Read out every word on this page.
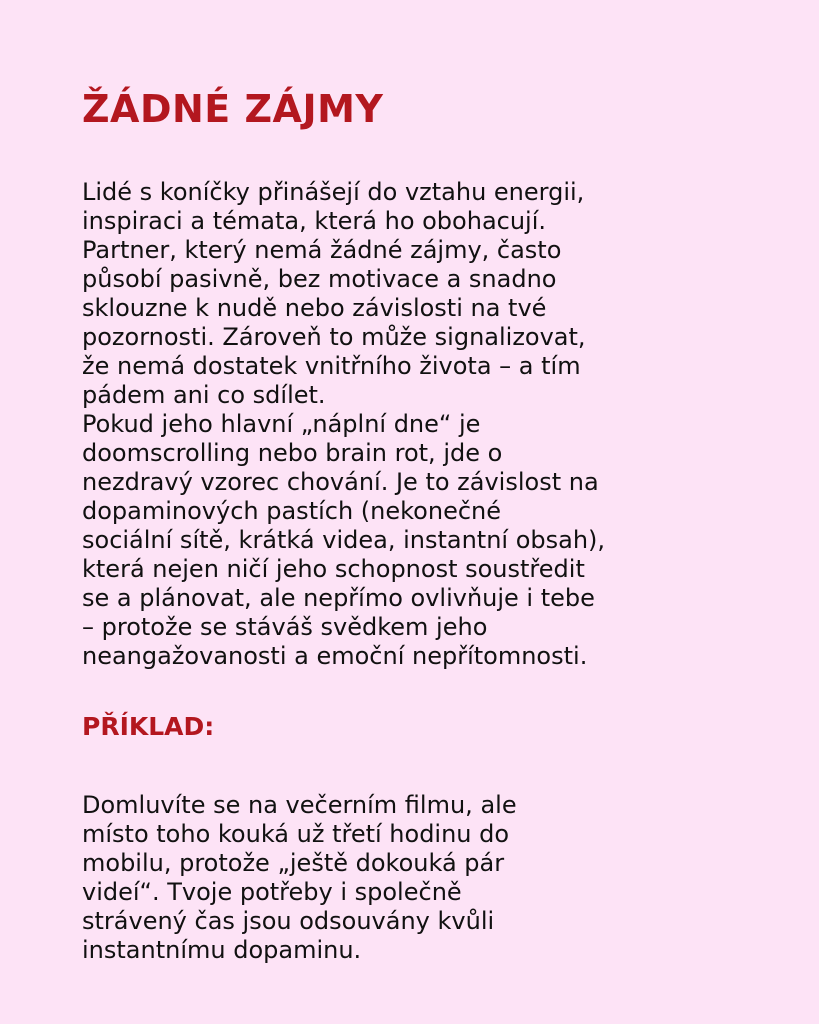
ŽÁDNÉ ZÁJMY
Lidé s koníčky přinášejí do vztahu energii,
inspiraci a témata, která ho obohacují.
Partner, který nemá žádné zájmy, často
působí pasivně, bez motivace a snadno
sklouzne k nudě nebo závislosti na tvé
pozornosti. Zároveň to může signalizovat,
že nemá dostatek vnitřního života – a tím
pádem ani co sdílet.
Pokud jeho hlavní „náplní dne“ je
doomscrolling nebo brain rot, jde o
nezdravý vzorec chování. Je to závislost na
dopaminových pastích (nekonečné
sociální sítě, krátká videa, instantní obsah),
která nejen ničí jeho schopnost soustředit
se a plánovat, ale nepřímo ovlivňuje i tebe
– protože se stáváš svědkem jeho
neangažovanosti a emoční nepřítomnosti.
PŘÍKLAD:
Domluvíte se na večerním filmu, ale
místo toho kouká už třetí hodinu do
mobilu, protože „ještě dokouká pár
videí“. Tvoje potřeby i společně
strávený čas jsou odsouvány kvůli
instantnímu dopaminu.
